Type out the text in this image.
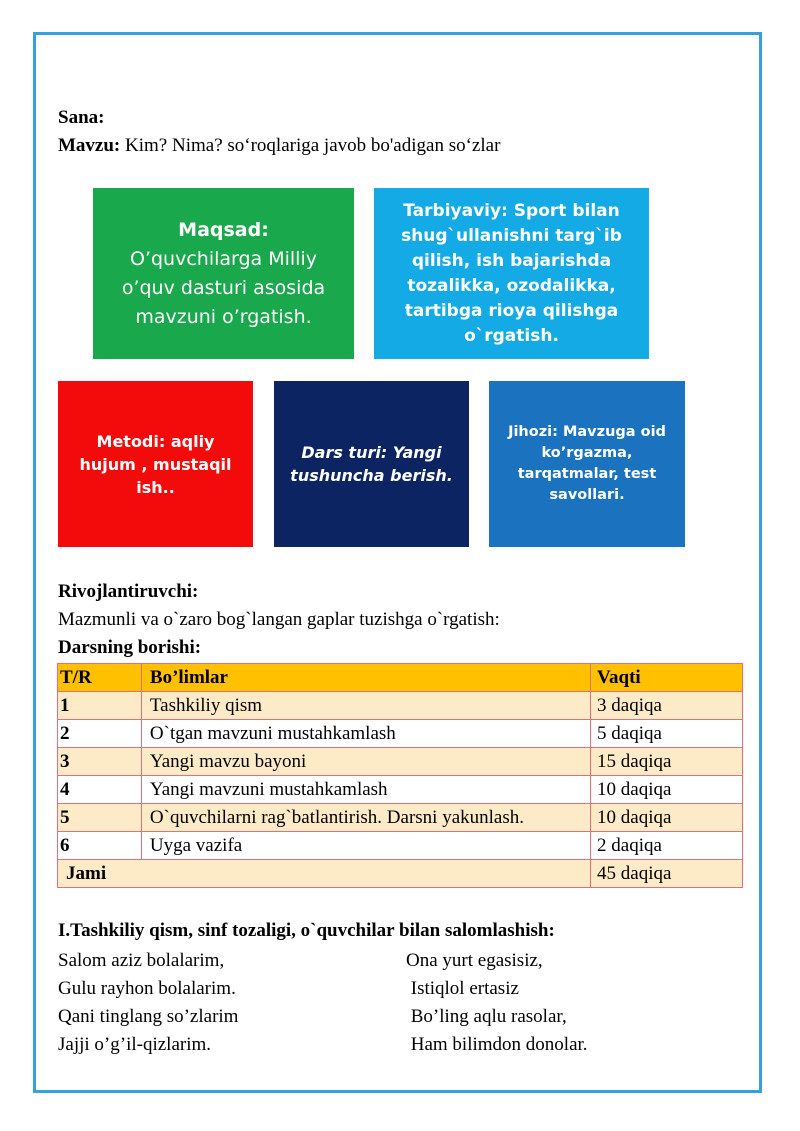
Sana:
Mavzu: Kim? Nima? so‘roqlariga javob bo'adigan so‘zlar
Maqsad:
O’quvchilarga Milliy o’quv dasturi asosida mavzuni o’rgatish.
Tarbiyaviy: Sport bilan shug`ullanishni targ`ib qilish, ish bajarishda tozalikka, ozodalikka, tartibga rioya qilishga o`rgatish.
Metodi: aqliy hujum , mustaqil ish..
Dars turi: Yangi tushuncha berish.
Jihozi: Mavzuga oid ko’rgazma, tarqatmalar, test savollari.
Rivojlantiruvchi:
Mazmunli va o`zaro bog`langan gaplar tuzishga o`rgatish:
Darsning borishi:
T/R	Bo’limlar	Vaqti
1	Tashkiliy qism	3 daqiqa
2	O`tgan mavzuni mustahkamlash	5 daqiqa
3	Yangi mavzu bayoni	15 daqiqa
4	Yangi mavzuni mustahkamlash	10 daqiqa
5	O`quvchilarni rag`batlantirish. Darsni yakunlash.	10 daqiqa
6	Uyga vazifa	2 daqiqa
Jami		45 daqiqa
I.Tashkiliy qism, sinf tozaligi, o`quvchilar bilan salomlashish:
Salom aziz bolalarim,
Gulu rayhon bolalarim.
Qani tinglang so’zlarim
Jajji o’g’il-qizlarim.
Ona yurt egasisiz,
Istiqlol ertasiz
Bo’ling aqlu rasolar,
Ham bilimdon donolar.
